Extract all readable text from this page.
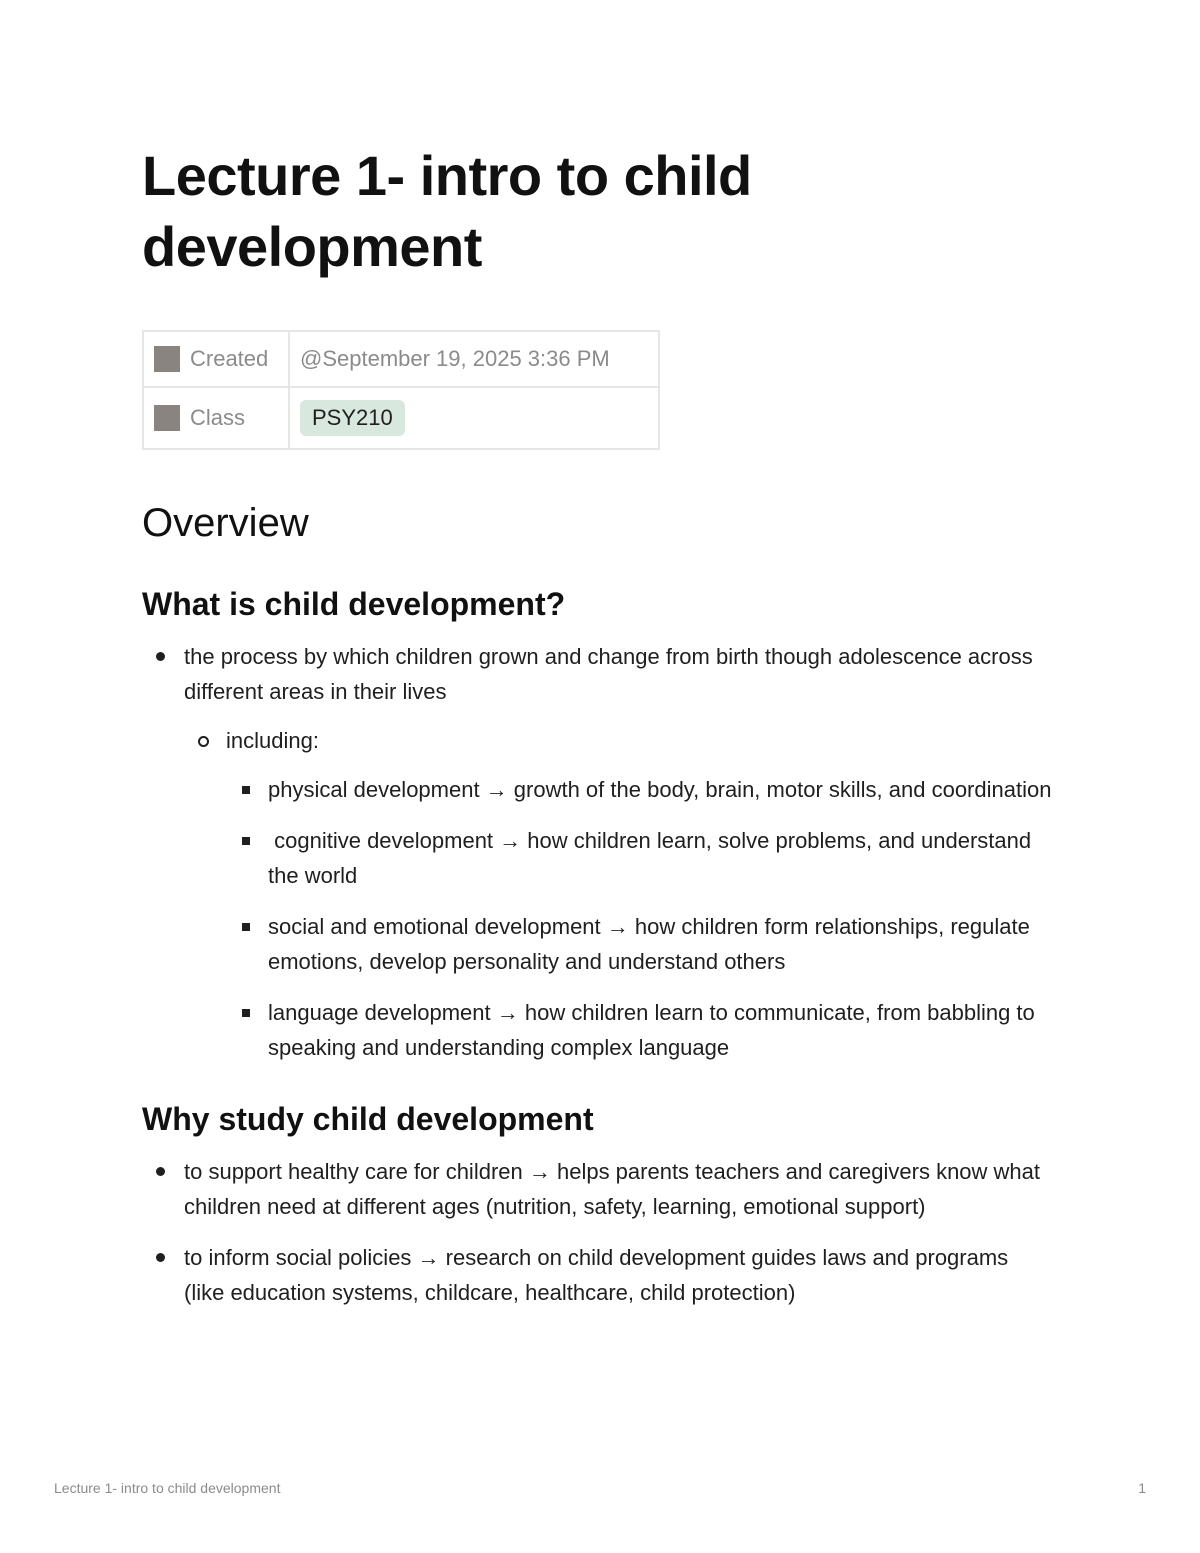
Lecture 1- intro to child development
Created	@September 19, 2025 3:36 PM
Class	PSY210
Overview
What is child development?
the process by which children grown and change from birth though adolescence across different areas in their lives
including:
physical development → growth of the body, brain, motor skills, and coordination
cognitive development → how children learn, solve problems, and understand the world
social and emotional development → how children form relationships, regulate emotions, develop personality and understand others
language development → how children learn to communicate, from babbling to speaking and understanding complex language
Why study child development
to support healthy care for children → helps parents teachers and caregivers know what children need at different ages (nutrition, safety, learning, emotional support)
to inform social policies → research on child development guides laws and programs (like education systems, childcare, healthcare, child protection)
Lecture 1- intro to child development	1
